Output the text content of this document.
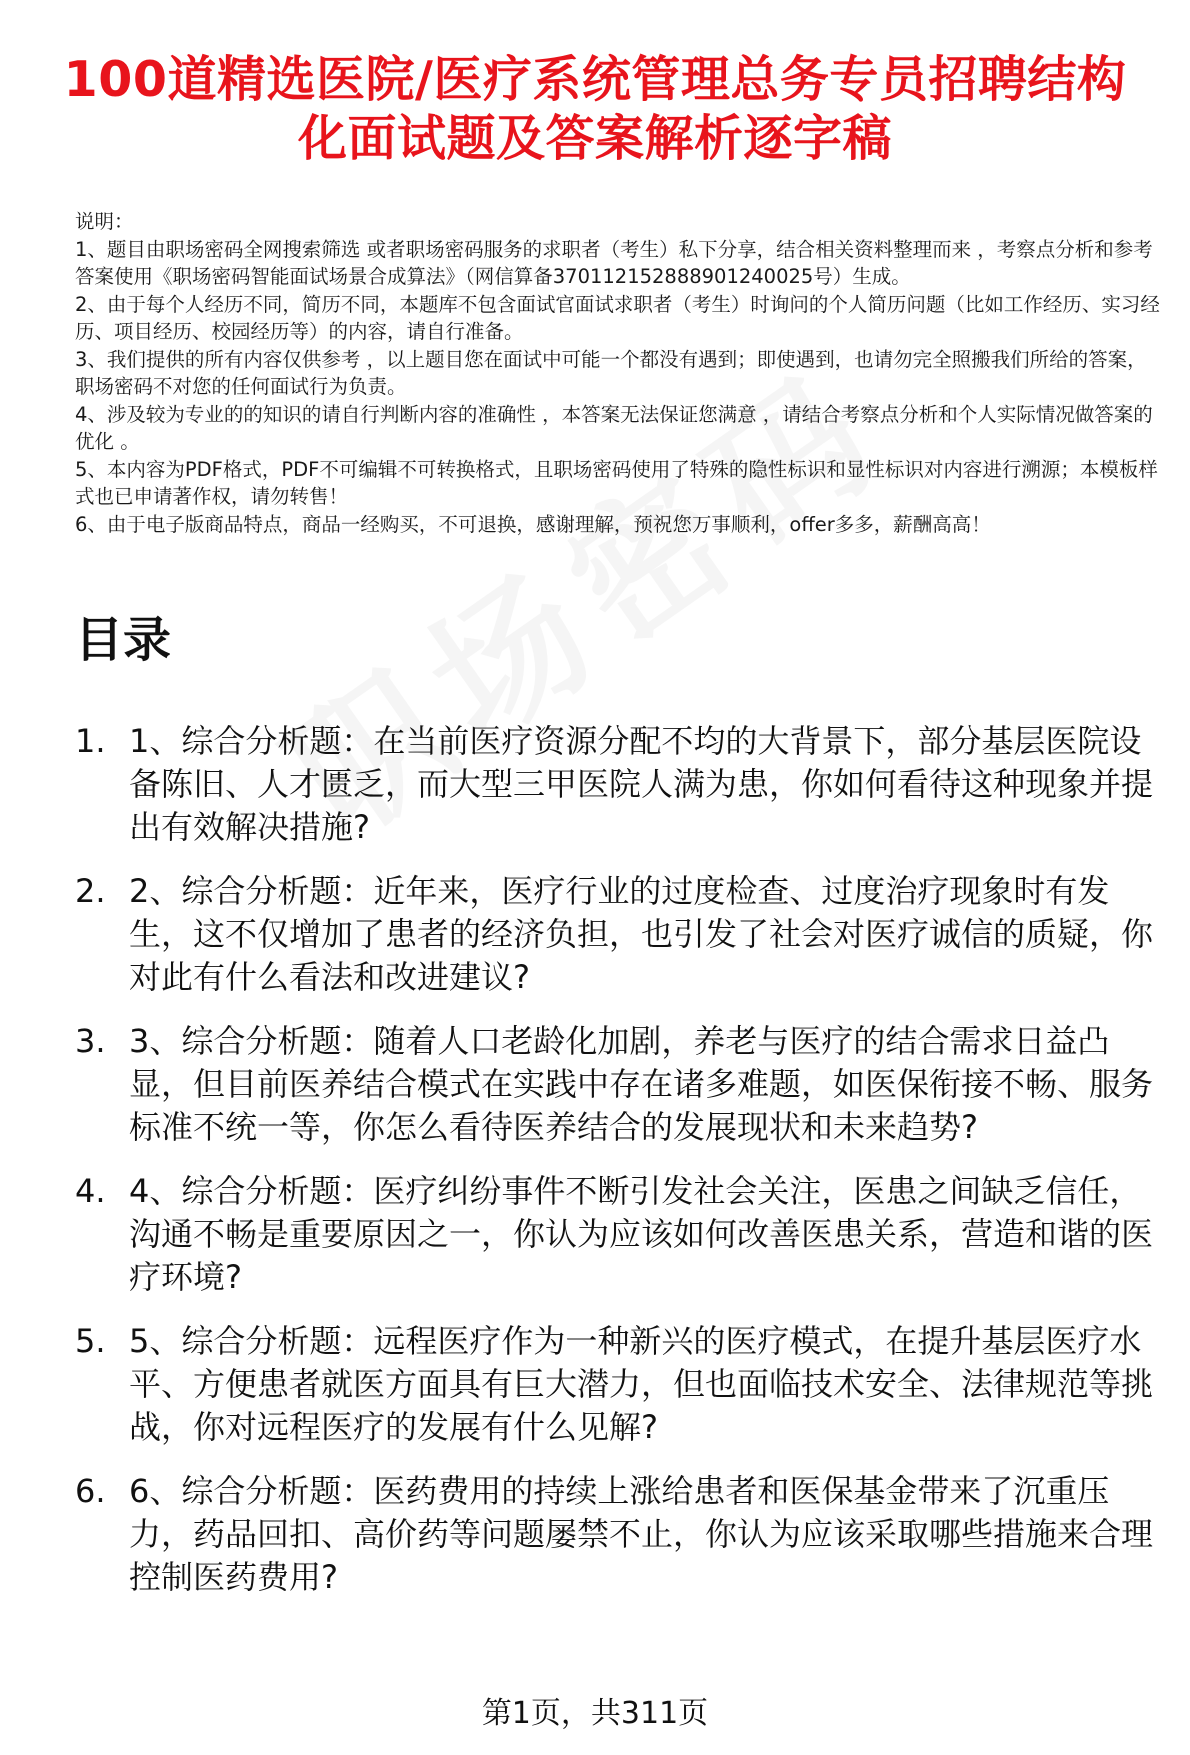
100道精选医院/医疗系统管理总务专员招聘结构化面试题及答案解析逐字稿

说明：

1、题目由职场密码全网搜索筛选 或者职场密码服务的求职者（考生）私下分享，结合相关资料整理而来 ，考察点分析和参考答案使用《职场密码智能面试场景合成算法》（网信算备370112152888901240025号）生成。

2、由于每个人经历不同，简历不同，本题库不包含面试官面试求职者（考生）时询问的个人简历问题（比如工作经历、实习经历、项目经历、校园经历等）的内容，请自行准备。

3、我们提供的所有内容仅供参考 ，以上题目您在面试中可能一个都没有遇到；即使遇到，也请勿完全照搬我们所给的答案，职场密码不对您的任何面试行为负责。

4、涉及较为专业的的知识的请自行判断内容的准确性 ，本答案无法保证您满意 ，请结合考察点分析和个人实际情况做答案的优化 。

5、本内容为PDF格式，PDF不可编辑不可转换格式，且职场密码使用了特殊的隐性标识和显性标识对内容进行溯源；本模板样式也已申请著作权，请勿转售！

6、由于电子版商品特点，商品一经购买，不可退换，感谢理解，预祝您万事顺利，offer多多，薪酬高高！

目录
1. 1、综合分析题：在当前医疗资源分配不均的大背景下，部分基层医院设备陈旧、人才匮乏，而大型三甲医院人满为患，你如何看待这种现象并提出有效解决措施?
2. 2、综合分析题：近年来，医疗行业的过度检查、过度治疗现象时有发生，这不仅增加了患者的经济负担，也引发了社会对医疗诚信的质疑，你对此有什么看法和改进建议?
3. 3、综合分析题：随着人口老龄化加剧，养老与医疗的结合需求日益凸显，但目前医养结合模式在实践中存在诸多难题，如医保衔接不畅、服务标准不统一等，你怎么看待医养结合的发展现状和未来趋势?
4. 4、综合分析题：医疗纠纷事件不断引发社会关注，医患之间缺乏信任，沟通不畅是重要原因之一，你认为应该如何改善医患关系，营造和谐的医疗环境?
5. 5、综合分析题：远程医疗作为一种新兴的医疗模式，在提升基层医疗水平、方便患者就医方面具有巨大潜力，但也面临技术安全、法律规范等挑战，你对远程医疗的发展有什么见解?
6. 6、综合分析题：医药费用的持续上涨给患者和医保基金带来了沉重压力，药品回扣、高价药等问题屡禁不止，你认为应该采取哪些措施来合理控制医药费用?
第1页，共311页
